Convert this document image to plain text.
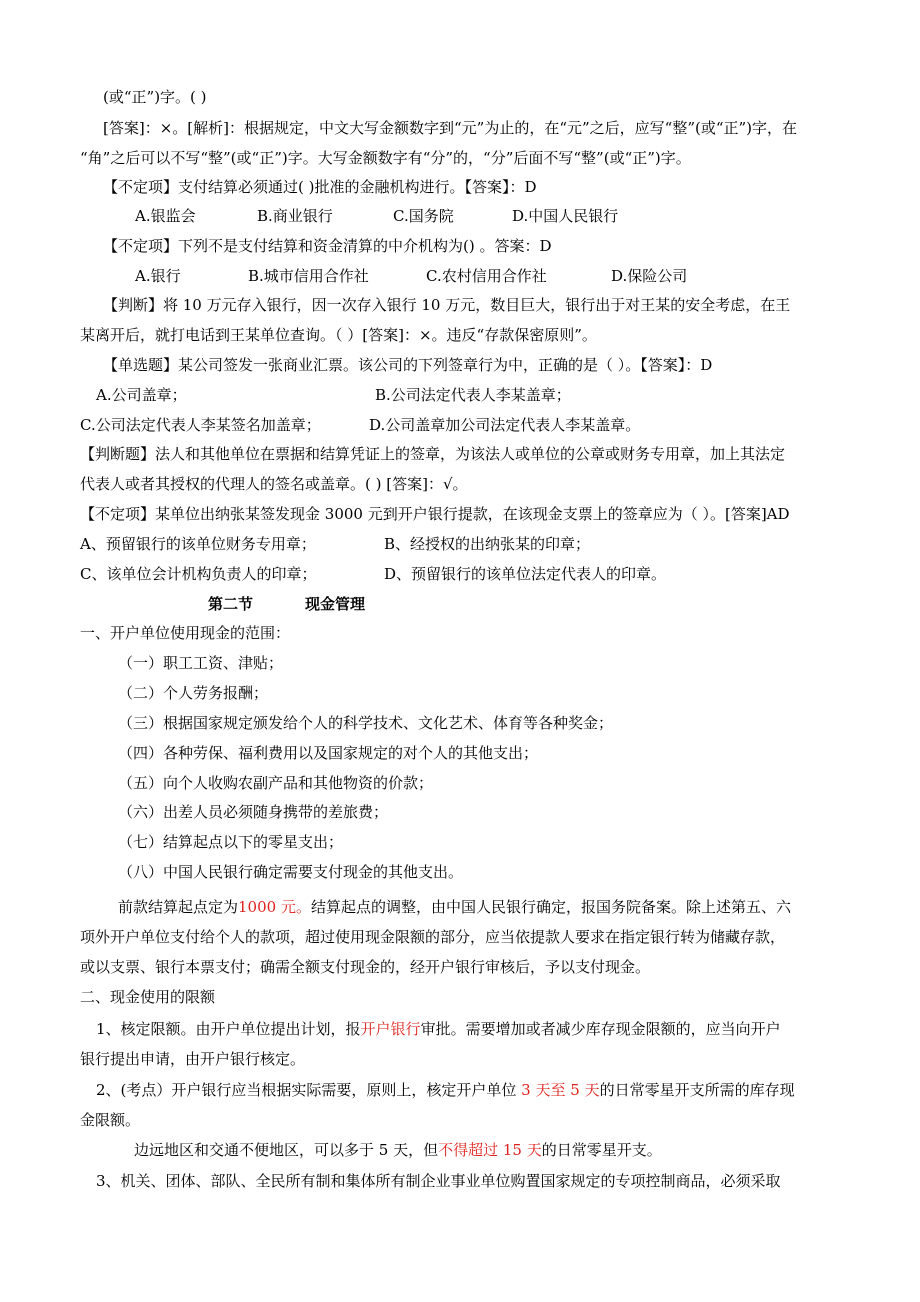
(或“正”)字。( )
[答案]：×。[解析]：根据规定，中文大写金额数字到“元”为止的，在“元”之后，应写“整”(或“正”)字，在
“角”之后可以不写“整”(或“正”)字。大写金额数字有“分”的，“分”后面不写“整”(或“正”)字。
【不定项】支付结算必须通过( )批准的金融机构进行。【答案】：D
A.银监会	B.商业银行	C.国务院	D.中国人民银行
【不定项】下列不是支付结算和资金清算的中介机构为() 。答案：D
A.银行	B.城市信用合作社	C.农村信用合作社	D.保险公司
【判断】将 10 万元存入银行，因一次存入银行 10 万元，数目巨大，银行出于对王某的安全考虑，在王
某离开后，就打电话到王某单位查询。（ ）[答案]：×。违反“存款保密原则”。
【单选题】某公司签发一张商业汇票。该公司的下列签章行为中，正确的是（ ）。【答案】：D
A.公司盖章；	B.公司法定代表人李某盖章；
C.公司法定代表人李某签名加盖章；	D.公司盖章加公司法定代表人李某盖章。
【判断题】法人和其他单位在票据和结算凭证上的签章，为该法人或单位的公章或财务专用章，加上其法定
代表人或者其授权的代理人的签名或盖章。( ) [答案]：√。
【不定项】某单位出纳张某签发现金 3000 元到开户银行提款，在该现金支票上的签章应为（ ）。[答案]AD
A、预留银行的该单位财务专用章；	B、经授权的出纳张某的印章；
C、该单位会计机构负责人的印章；	D、预留银行的该单位法定代表人的印章。
第二节	现金管理
一、开户单位使用现金的范围：
（一）职工工资、津贴；
（二）个人劳务报酬；
（三）根据国家规定颁发给个人的科学技术、文化艺术、体育等各种奖金；
（四）各种劳保、福利费用以及国家规定的对个人的其他支出；
（五）向个人收购农副产品和其他物资的价款；
（六）出差人员必须随身携带的差旅费；
（七）结算起点以下的零星支出；
（八）中国人民银行确定需要支付现金的其他支出。
前款结算起点定为1000 元。结算起点的调整，由中国人民银行确定，报国务院备案。除上述第五、六
项外开户单位支付给个人的款项，超过使用现金限额的部分，应当依提款人要求在指定银行转为储藏存款，
或以支票、银行本票支付；确需全额支付现金的，经开户银行审核后，予以支付现金。
二、现金使用的限额
1、核定限额。由开户单位提出计划，报开户银行审批。需要增加或者减少库存现金限额的，应当向开户
银行提出申请，由开户银行核定。
2、(考点）开户银行应当根据实际需要，原则上，核定开户单位 3 天至 5 天的日常零星开支所需的库存现
金限额。
边远地区和交通不便地区，可以多于 5 天，但不得超过 15 天的日常零星开支。
3、机关、团体、部队、全民所有制和集体所有制企业事业单位购置国家规定的专项控制商品，必须采取
